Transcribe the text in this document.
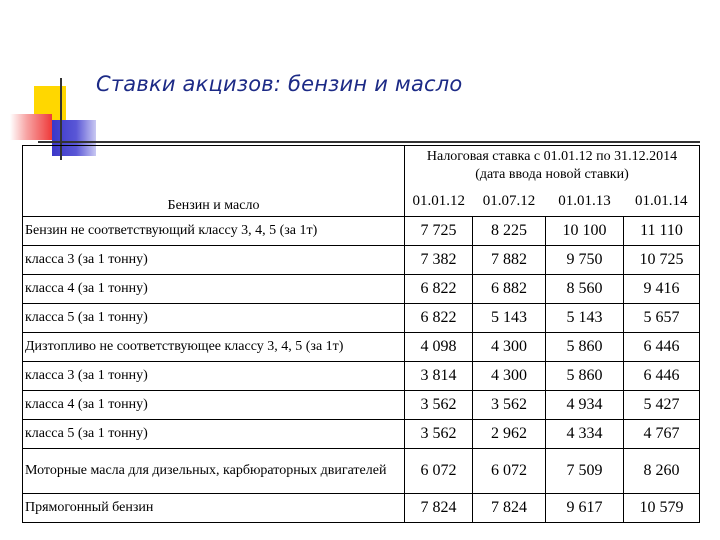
Ставки акцизов: бензин и масло
Бензин и масло	Налоговая ставка с 01.01.12 по 31.12.2014
(дата ввода новой ставки)			

	01.01.12	01.07.12	01.01.13	01.01.14
Бензин не соответствующий классу 3, 4, 5 (за 1т)	7 725	8 225	10 100	11 110
класса 3 (за 1 тонну)	7 382	7 882	9 750	10 725
класса 4 (за 1 тонну)	6 822	6 882	8 560	9 416
класса 5 (за 1 тонну)	6 822	5 143	5 143	5 657
Дизтопливо не соответствующее классу 3, 4, 5 (за 1т)	4 098	4 300	5 860	6 446
класса 3 (за 1 тонну)	3 814	4 300	5 860	6 446
класса 4 (за 1 тонну)	3 562	3 562	4 934	5 427
класса 5 (за 1 тонну)	3 562	2 962	4 334	4 767
Моторные масла для дизельных, карбюраторных двигателей	6 072	6 072	7 509	8 260
Прямогонный бензин	7 824	7 824	9 617	10 579
